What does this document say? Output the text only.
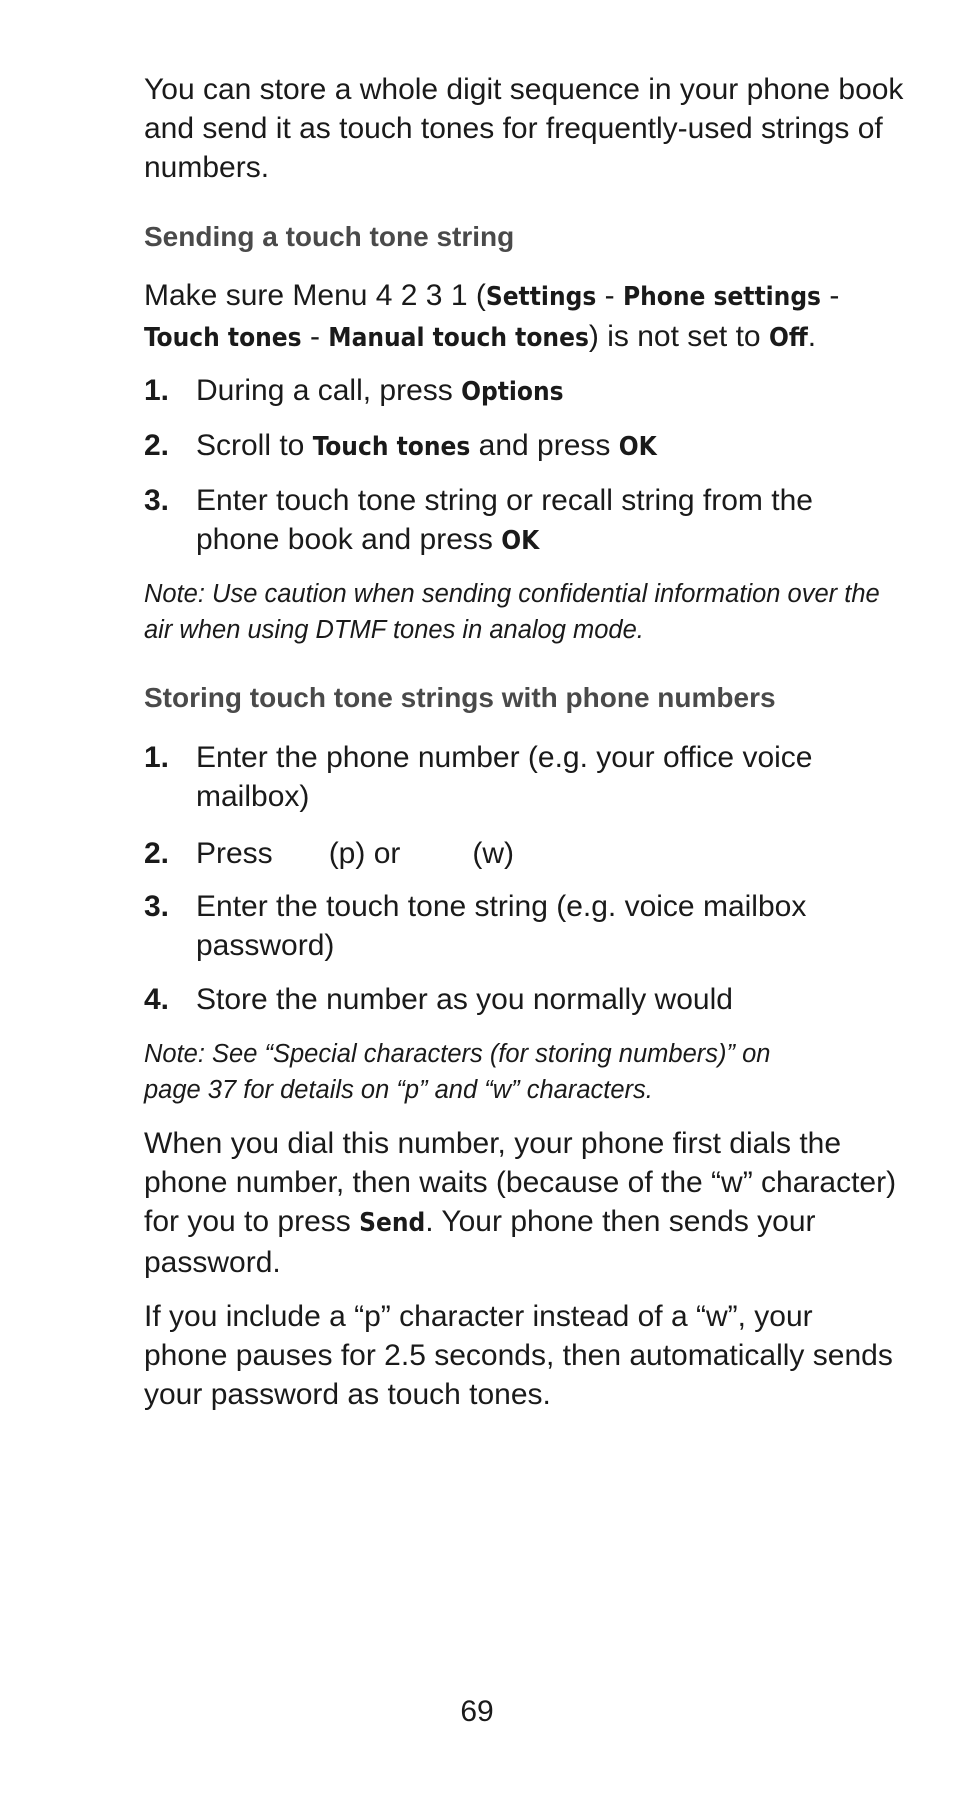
You can store a whole digit sequence in your phone book and send it as touch tones for frequently-used strings of numbers.

Sending a touch tone string

Make sure Menu 4 2 3 1 (Settings - Phone settings - Touch tones - Manual touch tones) is not set to Off.

1. During a call, press Options
2. Scroll to Touch tones and press OK
3. Enter touch tone string or recall string from the phone book and press OK

Note: Use caution when sending confidential information over the air when using DTMF tones in analog mode.

Storing touch tone strings with phone numbers
1. Enter the phone number (e.g. your office voice mailbox)
2. Press (p) or (w)
3. Enter the touch tone string (e.g. voice mailbox password)
4. Store the number as you normally would

Note: See “Special characters (for storing numbers)” on page 37 for details on “p” and “w” characters.

When you dial this number, your phone first dials the phone number, then waits (because of the “w” character) for you to press Send. Your phone then sends your password.

If you include a “p” character instead of a “w”, your phone pauses for 2.5 seconds, then automatically sends your password as touch tones.

69
